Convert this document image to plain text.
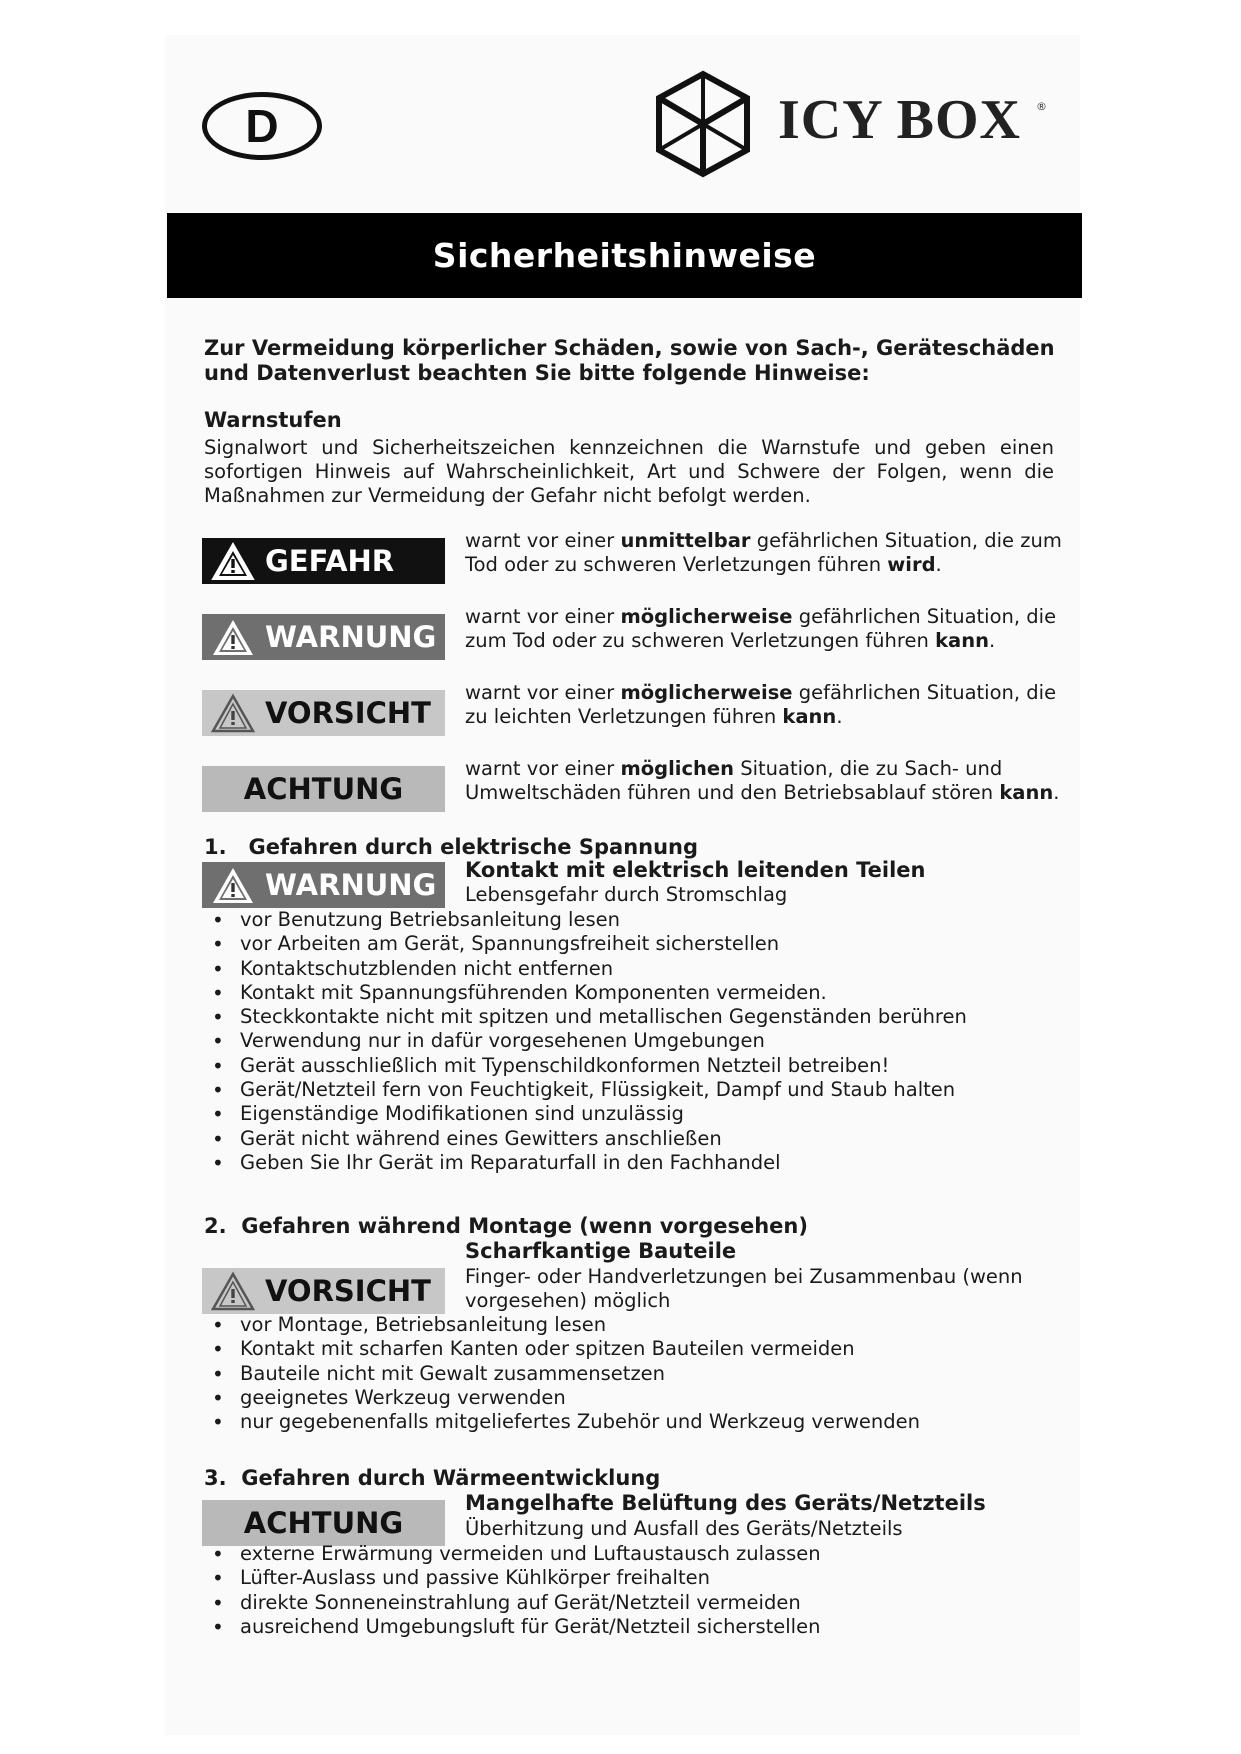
D	ICY BOX ®
Sicherheitshinweise
Zur Vermeidung körperlicher Schäden, sowie von Sach-, Geräteschäden und Datenverlust beachten Sie bitte folgende Hinweise:
Warnstufen
Signalwort und Sicherheitszeichen kennzeichnen die Warnstufe und geben einen sofortigen Hinweis auf Wahrscheinlichkeit, Art und Schwere der Folgen, wenn die Maßnahmen zur Vermeidung der Gefahr nicht befolgt werden.
GEFAHR
warnt vor einer unmittelbar gefährlichen Situation, die zum Tod oder zu schweren Verletzungen führen wird.
WARNUNG
warnt vor einer möglicherweise gefährlichen Situation, die zum Tod oder zu schweren Verletzungen führen kann.
VORSICHT
warnt vor einer möglicherweise gefährlichen Situation, die zu leichten Verletzungen führen kann.
ACHTUNG
warnt vor einer möglichen Situation, die zu Sach- und Umweltschäden führen und den Betriebsablauf stören kann.
1.   Gefahren durch elektrische Spannung
WARNUNG Kontakt mit elektrisch leitenden Teilen
Lebensgefahr durch Stromschlag
• vor Benutzung Betriebsanleitung lesen
• vor Arbeiten am Gerät, Spannungsfreiheit sicherstellen
• Kontaktschutzblenden nicht entfernen
• Kontakt mit Spannungsführenden Komponenten vermeiden.
• Steckkontakte nicht mit spitzen und metallischen Gegenständen berühren
• Verwendung nur in dafür vorgesehenen Umgebungen
• Gerät ausschließlich mit Typenschildkonformen Netzteil betreiben!
• Gerät/Netzteil fern von Feuchtigkeit, Flüssigkeit, Dampf und Staub halten
• Eigenständige Modifikationen sind unzulässig
• Gerät nicht während eines Gewitters anschließen
• Geben Sie Ihr Gerät im Reparaturfall in den Fachhandel
2.  Gefahren während Montage (wenn vorgesehen)
Scharfkantige Bauteile
VORSICHT Finger- oder Handverletzungen bei Zusammenbau (wenn vorgesehen) möglich
• vor Montage, Betriebsanleitung lesen
• Kontakt mit scharfen Kanten oder spitzen Bauteilen vermeiden
• Bauteile nicht mit Gewalt zusammensetzen
• geeignetes Werkzeug verwenden
• nur gegebenenfalls mitgeliefertes Zubehör und Werkzeug verwenden
3.  Gefahren durch Wärmeentwicklung
Mangelhafte Belüftung des Geräts/Netzteils
ACHTUNG	Überhitzung und Ausfall des Geräts/Netzteils
• externe Erwärmung vermeiden und Luftaustausch zulassen
• Lüfter-Auslass und passive Kühlkörper freihalten
• direkte Sonneneinstrahlung auf Gerät/Netzteil vermeiden
• ausreichend Umgebungsluft für Gerät/Netzteil sicherstellen
